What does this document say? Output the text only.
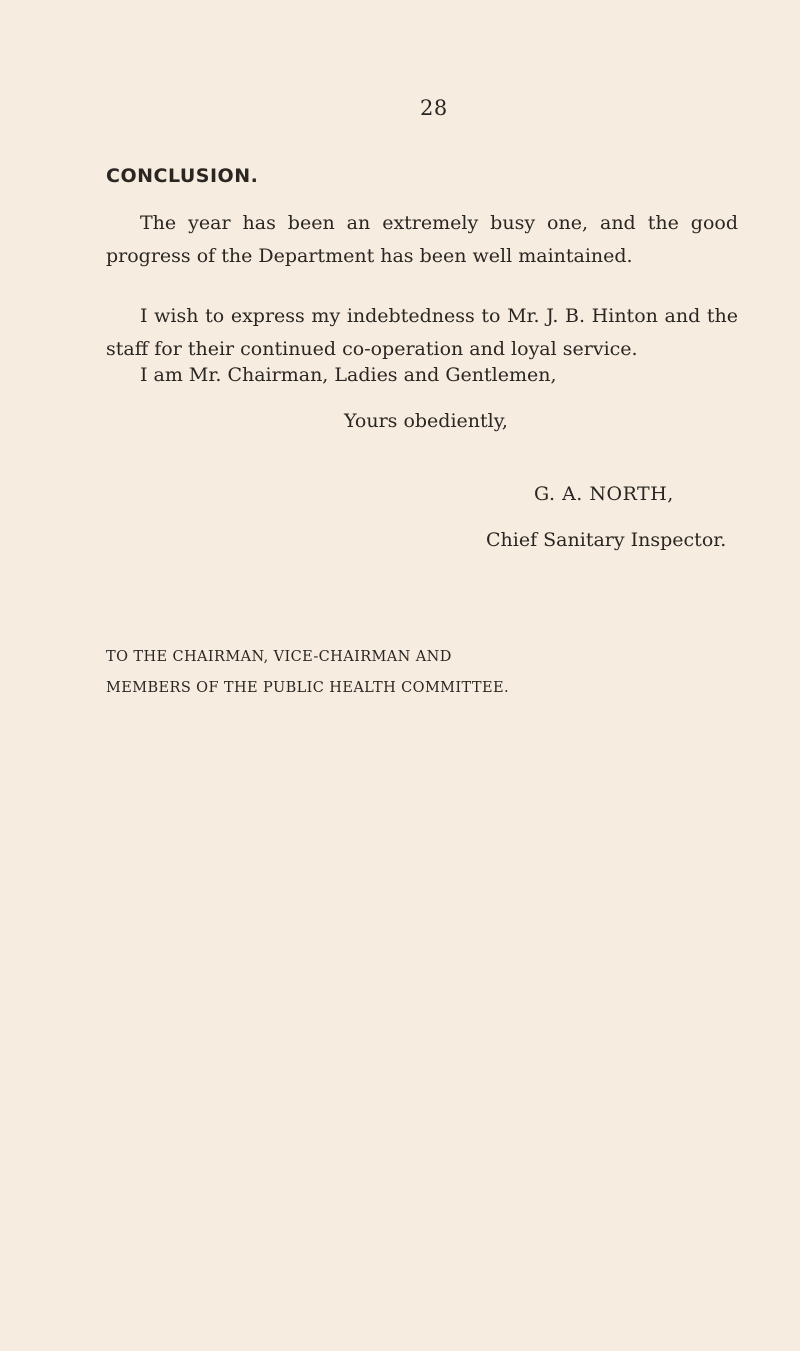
28
CONCLUSION.

The year has been an extremely busy one, and the good progress of the Department has been well maintained.

I wish to express my indebtedness to Mr. J. B. Hinton and the staff for their continued co-operation and loyal service.

I am Mr. Chairman, Ladies and Gentlemen,
Yours obediently,
G. A. NORTH,
Chief Sanitary Inspector.
TO THE CHAIRMAN, VICE-CHAIRMAN AND
MEMBERS OF THE PUBLIC HEALTH COMMITTEE.
